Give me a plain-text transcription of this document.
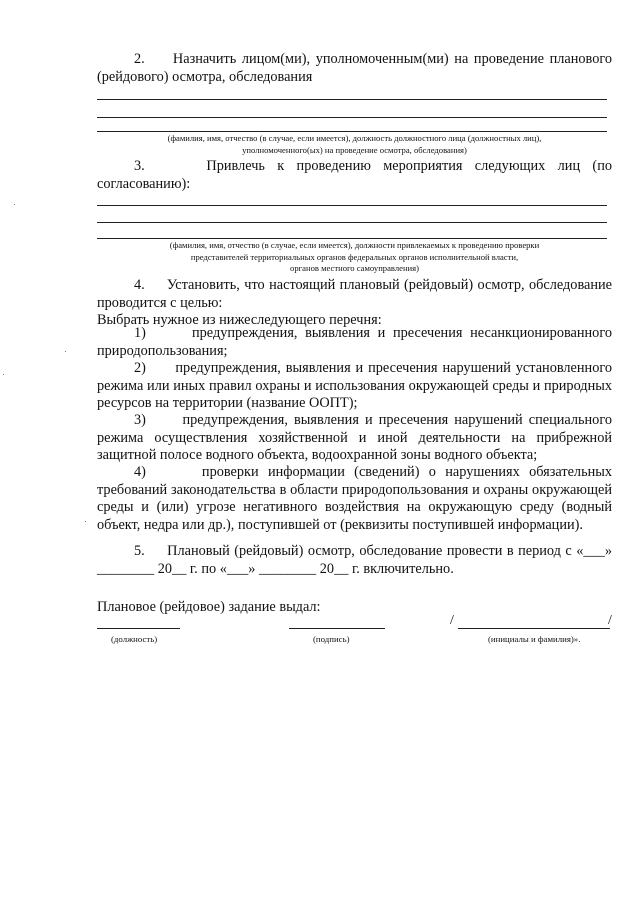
2. Назначить лицом(ми), уполномоченным(ми) на проведение планового (рейдового) осмотра, обследования
(фамилия, имя, отчество (в случае, если имеется), должность должностного лица (должностных лиц),
уполномоченного(ых) на проведение осмотра, обследования)
3.	Привлечь к проведению мероприятия следующих лиц (по согласованию):
(фамилия, имя, отчество (в случае, если имеется), должности привлекаемых к проведению проверки
представителей территориальных органов федеральных органов исполнительной власти,
органов местного самоуправления)
4. Установить, что настоящий плановый (рейдовый) осмотр, обследование проводится с целью:
Выбрать нужное из нижеследующего перечня:
1)	предупреждения, выявления и пресечения несанкционированного природопользования;
2) предупреждения, выявления и пресечения нарушений установленного режима или иных правил охраны и использования окружающей среды и природных ресурсов на территории (название ООПТ);
3)	предупреждения, выявления и пресечения нарушений специального режима осуществления хозяйственной и иной деятельности на прибрежной защитной полосе водного объекта, водоохранной зоны водного объекта;
4)	проверки информации (сведений) о нарушениях обязательных требований законодательства в области природопользования и охраны окружающей среды и (или) угрозе негативного воздействия на окружающую среду (водный объект, недра или др.), поступившей от (реквизиты поступившей информации).
5. Плановый (рейдовый) осмотр, обследование провести в период с «___» ________ 20__ г. по «___» ________ 20__ г. включительно.
Плановое (рейдовое) задание выдал:
/	/
(должность)	(подпись)	(инициалы и фамилия)».
